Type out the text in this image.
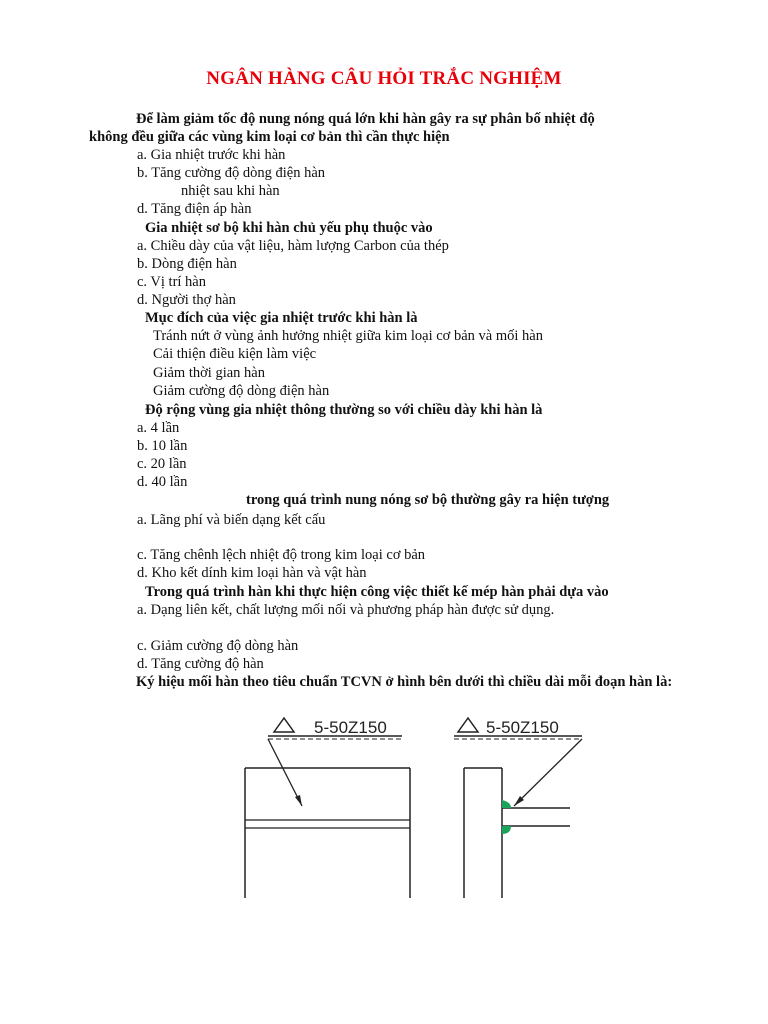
NGÂN HÀNG CÂU HỎI TRẮC NGHIỆM
Để làm giảm tốc độ nung nóng quá lớn khi hàn gây ra sự phân bố nhiệt độ
không đều giữa các vùng kim loại cơ bản thì cần thực hiện
a. Gia nhiệt trước khi hàn
b. Tăng cường độ dòng điện hàn
nhiệt sau khi hàn
d. Tăng điện áp hàn
Gia nhiệt sơ bộ khi hàn chủ yếu phụ thuộc vào
a. Chiều dày của vật liệu, hàm lượng Carbon của thép
b. Dòng điện hàn
c. Vị trí hàn
d. Người thợ hàn
Mục đích của việc gia nhiệt trước khi hàn là
Tránh nứt ở vùng ảnh hưởng nhiệt giữa kim loại cơ bản và mối hàn
Cải thiện điều kiện làm việc
Giảm thời gian hàn
Giảm cường độ dòng điện hàn
Độ rộng vùng gia nhiệt thông thường so với chiều dày khi hàn là
a. 4 lần
b. 10 lần
c. 20 lần
d. 40 lần
trong quá trình nung nóng sơ bộ thường gây ra hiện tượng
a. Lãng phí và biến dạng kết cấu
c. Tăng chênh lệch nhiệt độ trong kim loại cơ bản
d. Kho kết dính kim loại hàn và vật hàn
Trong quá trình hàn khi thực hiện công việc thiết kế mép hàn phải dựa vào
a. Dạng liên kết, chất lượng mối nối và phương pháp hàn được sử dụng.
c. Giảm cường độ dòng hàn
d. Tăng cường độ hàn
Ký hiệu mối hàn theo tiêu chuẩn TCVN ở hình bên dưới thì chiều dài mỗi đoạn hàn là:
5-50Z150	5-50Z150
